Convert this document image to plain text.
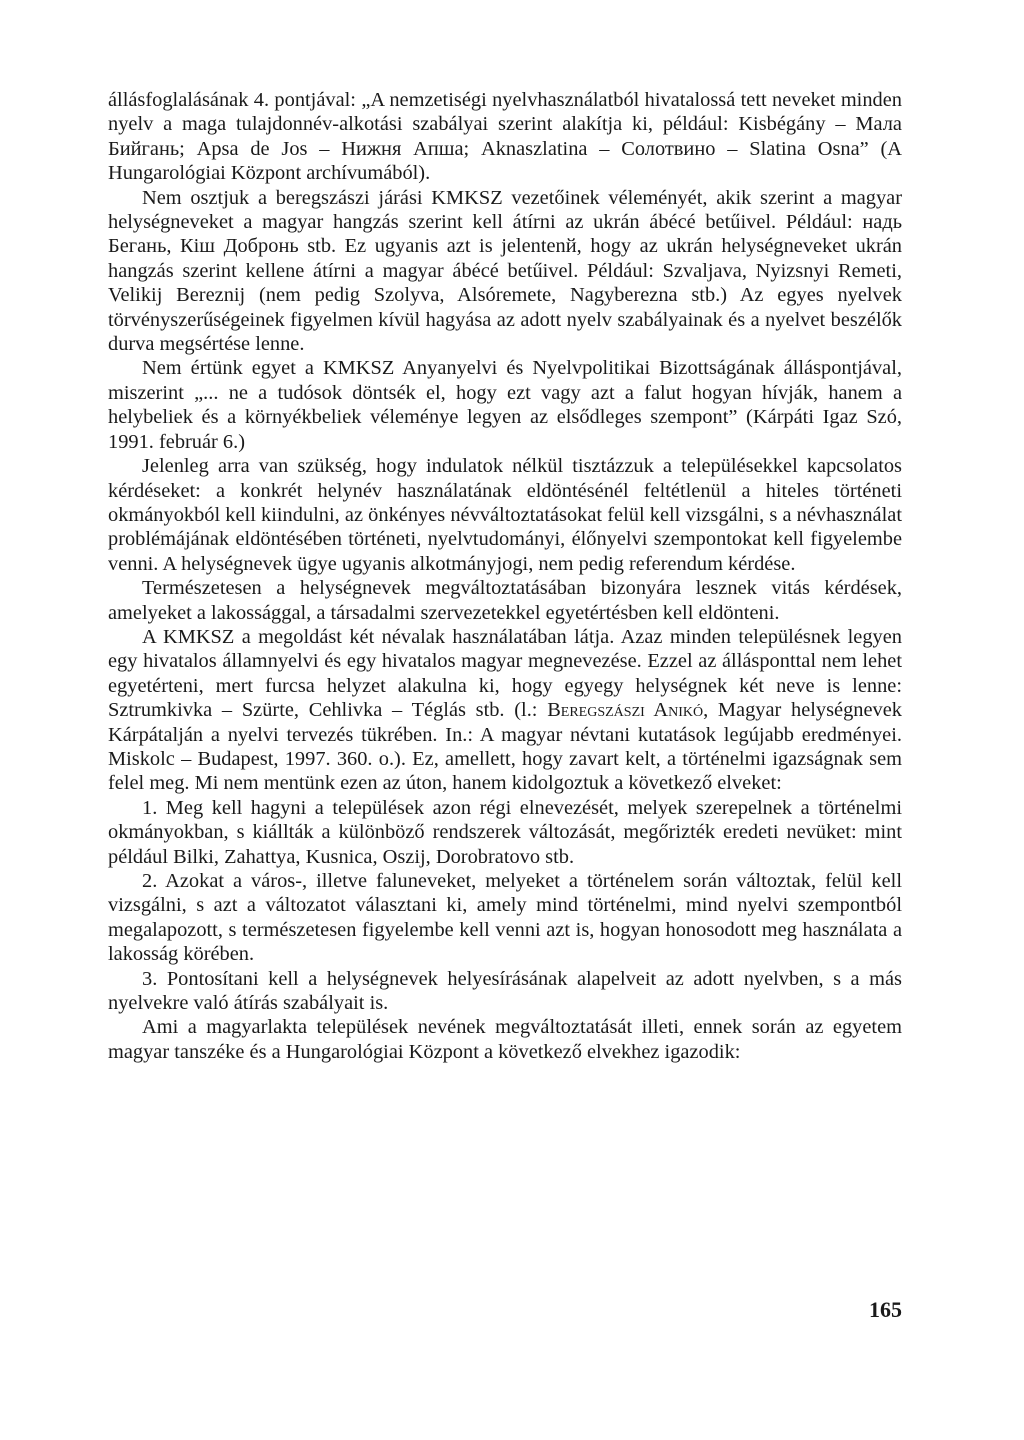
állásfoglalásának 4. pontjával: „A nemzetiségi nyelvhasználatból hivatalossá tett neveket minden nyelv a maga tulajdonnév-alkotási szabályai szerint alakítja ki, például: Kisbégány – Мала Бийгань; Apsa de Jos – Нижня Апша; Aknaszlatina – Солотвино – Slatina Osna” (A Hungarológiai Központ archívumából).

Nem osztjuk a beregszászi járási KMKSZ vezetőinek véleményét, akik szerint a magyar helységneveket a magyar hangzás szerint kell átírni az ukrán ábécé betűivel. Például: надь Бегань, Кіш Добронь stb. Ez ugyanis azt is jelentenй, hogy az ukrán helységneveket ukrán hangzás szerint kellene átírni a magyar ábécé betűivel. Például: Szvaljava, Nyizsnyi Remeti, Velikij Bereznij (nem pedig Szolyva, Alsóremete, Nagyberezna stb.) Az egyes nyelvek törvényszerűségeinek figyelmen kívül hagyása az adott nyelv szabályainak és a nyelvet beszélők durva megsértése lenne.

Nem értünk egyet a KMKSZ Anyanyelvi és Nyelvpolitikai Bizottságának álláspontjával, miszerint „... ne a tudósok döntsék el, hogy ezt vagy azt a falut hogyan hívják, hanem a helybeliek és a környékbeliek véleménye legyen az elsődleges szempont” (Kárpáti Igaz Szó, 1991. február 6.)

Jelenleg arra van szükség, hogy indulatok nélkül tisztázzuk a településekkel kapcsolatos kérdéseket: a konkrét helynév használatának eldöntésénél feltétlenül a hiteles történeti okmányokból kell kiindulni, az önkényes névváltoztatásokat felül kell vizsgálni, s a névhasználat problémájának eldöntésében történeti, nyelvtudományi, élőnyelvi szempontokat kell figyelembe venni. A helységnevek ügye ugyanis alkotmányjogi, nem pedig referendum kérdése.

Természetesen a helységnevek megváltoztatásában bizonyára lesznek vitás kérdések, amelyeket a lakossággal, a társadalmi szervezetekkel egyetértésben kell eldönteni.

A KMKSZ a megoldást két névalak használatában látja. Azaz minden településnek legyen egy hivatalos államnyelvi és egy hivatalos magyar megnevezése. Ezzel az állásponttal nem lehet egyetérteni, mert furcsa helyzet alakulna ki, hogy egyegy helységnek két neve is lenne: Sztrumkivka – Szürte, Cehlivka – Téglás stb. (l.: Beregszászi Anikó, Magyar helységnevek Kárpátalján a nyelvi tervezés tükrében. In.: A magyar névtani kutatások legújabb eredményei. Miskolc – Budapest, 1997. 360. o.). Ez, amellett, hogy zavart kelt, a történelmi igazságnak sem felel meg. Mi nem mentünk ezen az úton, hanem kidolgoztuk a következő elveket:

1. Meg kell hagyni a települések azon régi elnevezését, melyek szerepelnek a történelmi okmányokban, s kiállták a különböző rendszerek változását, megőrizték eredeti nevüket: mint például Bilki, Zahattya, Kusnica, Oszij, Dorobratovo stb.

2. Azokat a város-, illetve faluneveket, melyeket a történelem során változtak, felül kell vizsgálni, s azt a változatot választani ki, amely mind történelmi, mind nyelvi szempontból megalapozott, s természetesen figyelembe kell venni azt is, hogyan honosodott meg használata a lakosság körében.

3. Pontosítani kell a helységnevek helyesírásának alapelveit az adott nyelvben, s a más nyelvekre való átírás szabályait is.

Ami a magyarlakta települések nevének megváltoztatását illeti, ennek során az egyetem magyar tanszéke és a Hungarológiai Központ a következő elvekhez igazodik:

165
